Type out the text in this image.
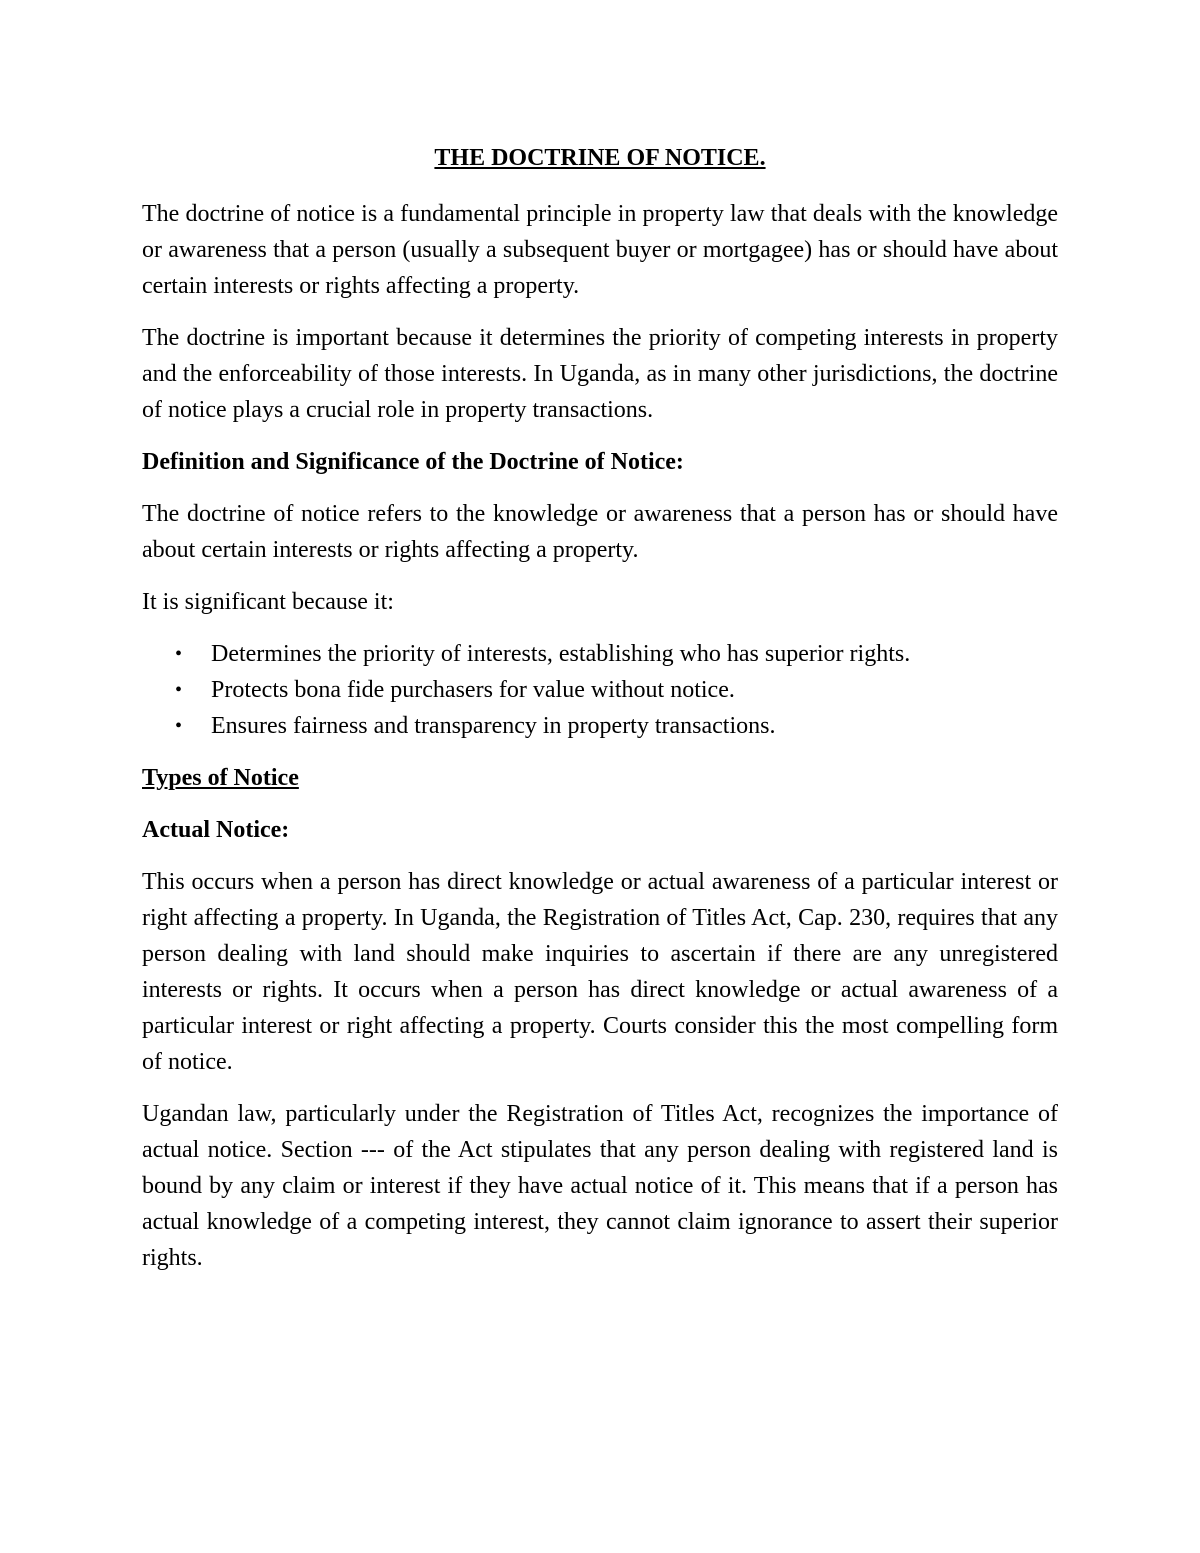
THE DOCTRINE OF NOTICE.

The doctrine of notice is a fundamental principle in property law that deals with the knowledge or awareness that a person (usually a subsequent buyer or mortgagee) has or should have about certain interests or rights affecting a property.

The doctrine is important because it determines the priority of competing interests in property and the enforceability of those interests. In Uganda, as in many other jurisdictions, the doctrine of notice plays a crucial role in property transactions.

Definition and Significance of the Doctrine of Notice:

The doctrine of notice refers to the knowledge or awareness that a person has or should have about certain interests or rights affecting a property.

It is significant because it:

• Determines the priority of interests, establishing who has superior rights.
• Protects bona fide purchasers for value without notice.
• Ensures fairness and transparency in property transactions.
Types of Notice
Actual Notice:

This occurs when a person has direct knowledge or actual awareness of a particular interest or right affecting a property. In Uganda, the Registration of Titles Act, Cap. 230, requires that any person dealing with land should make inquiries to ascertain if there are any unregistered interests or rights. It occurs when a person has direct knowledge or actual awareness of a particular interest or right affecting a property. Courts consider this the most compelling form of notice.

Ugandan law, particularly under the Registration of Titles Act, recognizes the importance of actual notice. Section --- of the Act stipulates that any person dealing with registered land is bound by any claim or interest if they have actual notice of it. This means that if a person has actual knowledge of a competing interest, they cannot claim ignorance to assert their superior rights.
